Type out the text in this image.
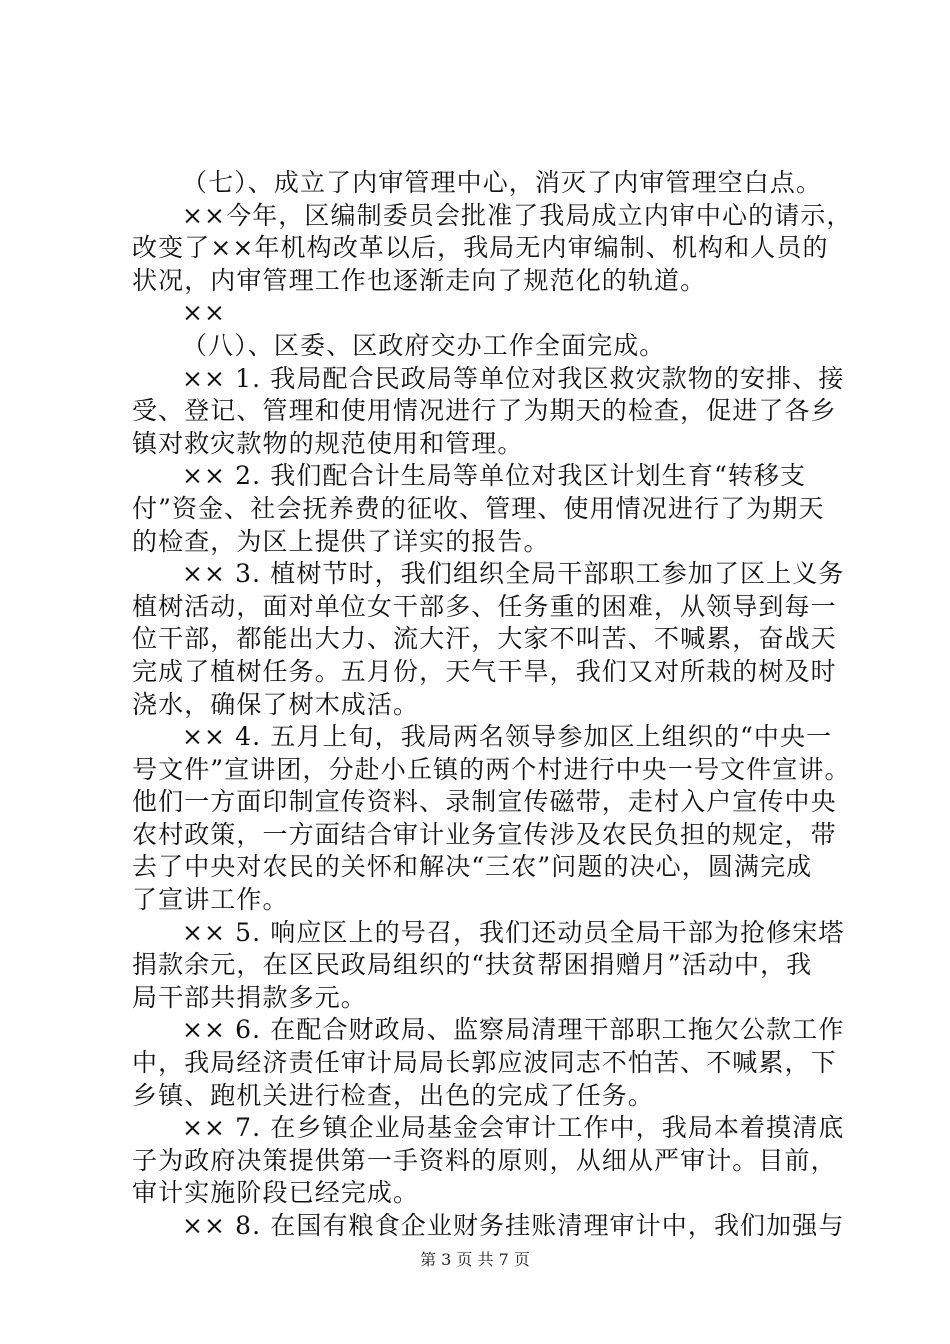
（七）、成立了内审管理中心，消灭了内审管理空白点。
××今年，区编制委员会批准了我局成立内审中心的请示，
改变了××年机构改革以后，我局无内审编制、机构和人员的
状况，内审管理工作也逐渐走向了规范化的轨道。
××
（八）、区委、区政府交办工作全面完成。
×× 1. 我局配合民政局等单位对我区救灾款物的安排、接
受、登记、管理和使用情况进行了为期天的检查，促进了各乡
镇对救灾款物的规范使用和管理。
×× 2. 我们配合计生局等单位对我区计划生育“转移支
付”资金、社会抚养费的征收、管理、使用情况进行了为期天
的检查，为区上提供了详实的报告。
×× 3. 植树节时，我们组织全局干部职工参加了区上义务
植树活动，面对单位女干部多、任务重的困难，从领导到每一
位干部，都能出大力、流大汗，大家不叫苦、不喊累，奋战天
完成了植树任务。五月份，天气干旱，我们又对所栽的树及时
浇水，确保了树木成活。
×× 4. 五月上旬，我局两名领导参加区上组织的“中央一
号文件”宣讲团，分赴小丘镇的两个村进行中央一号文件宣讲。
他们一方面印制宣传资料、录制宣传磁带，走村入户宣传中央
农村政策，一方面结合审计业务宣传涉及农民负担的规定，带
去了中央对农民的关怀和解决“三农”问题的决心，圆满完成
了宣讲工作。
×× 5. 响应区上的号召，我们还动员全局干部为抢修宋塔
捐款余元，在区民政局组织的“扶贫帮困捐赠月”活动中，我
局干部共捐款多元。
×× 6. 在配合财政局、监察局清理干部职工拖欠公款工作
中，我局经济责任审计局局长郭应波同志不怕苦、不喊累，下
乡镇、跑机关进行检查，出色的完成了任务。
×× 7. 在乡镇企业局基金会审计工作中，我局本着摸清底
子为政府决策提供第一手资料的原则，从细从严审计。目前，
审计实施阶段已经完成。
×× 8. 在国有粮食企业财务挂账清理审计中，我们加强与
第 3 页 共 7 页
